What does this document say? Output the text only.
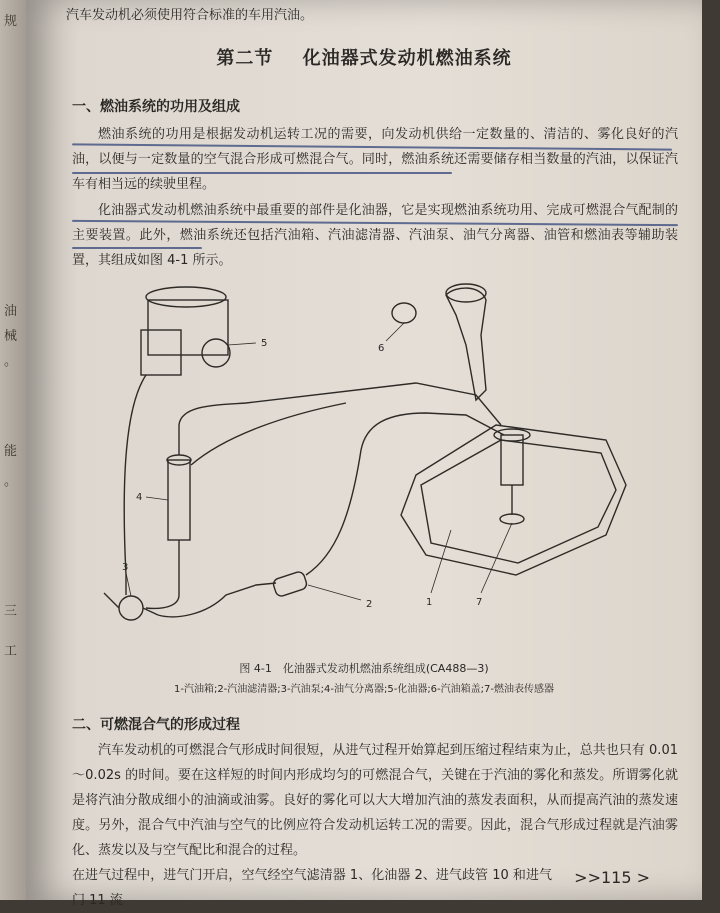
规
油
械
。
能
。
三
工
汽车发动机必须使用符合标准的车用汽油。
第二节 化油器式发动机燃油系统
一、燃油系统的功用及组成
燃油系统的功用是根据发动机运转工况的需要，向发动机供给一定数量的、清洁的、雾化良好的汽油，以便与一定数量的空气混合形成可燃混合气。同时，燃油系统还需要储存相当数量的汽油，以保证汽车有相当远的续驶里程。
化油器式发动机燃油系统中最重要的部件是化油器，它是实现燃油系统功用、完成可燃混合气配制的主要装置。此外，燃油系统还包括汽油箱、汽油滤清器、汽油泵、油气分离器、油管和燃油表等辅助装置，其组成如图 4-1 所示。
5	6
4
3
2	1	7
图 4-1　化油器式发动机燃油系统组成(CA488—3)
1-汽油箱;2-汽油滤清器;3-汽油泵;4-油气分离器;5-化油器;6-汽油箱盖;7-燃油表传感器
二、可燃混合气的形成过程
汽车发动机的可燃混合气形成时间很短，从进气过程开始算起到压缩过程结束为止，总共也只有 0.01～0.02s 的时间。要在这样短的时间内形成均匀的可燃混合气，关键在于汽油的雾化和蒸发。所谓雾化就是将汽油分散成细小的油滴或油雾。良好的雾化可以大大增加汽油的蒸发表面积，从而提高汽油的蒸发速度。另外，混合气中汽油与空气的比例应符合发动机运转工况的需要。因此，混合气形成过程就是汽油雾化、蒸发以及与空气配比和混合的过程。
在进气过程中，进气门开启，空气经空气滤清器 1、化油器 2、进气歧管 10 和进气门 11 流
>>115 >
